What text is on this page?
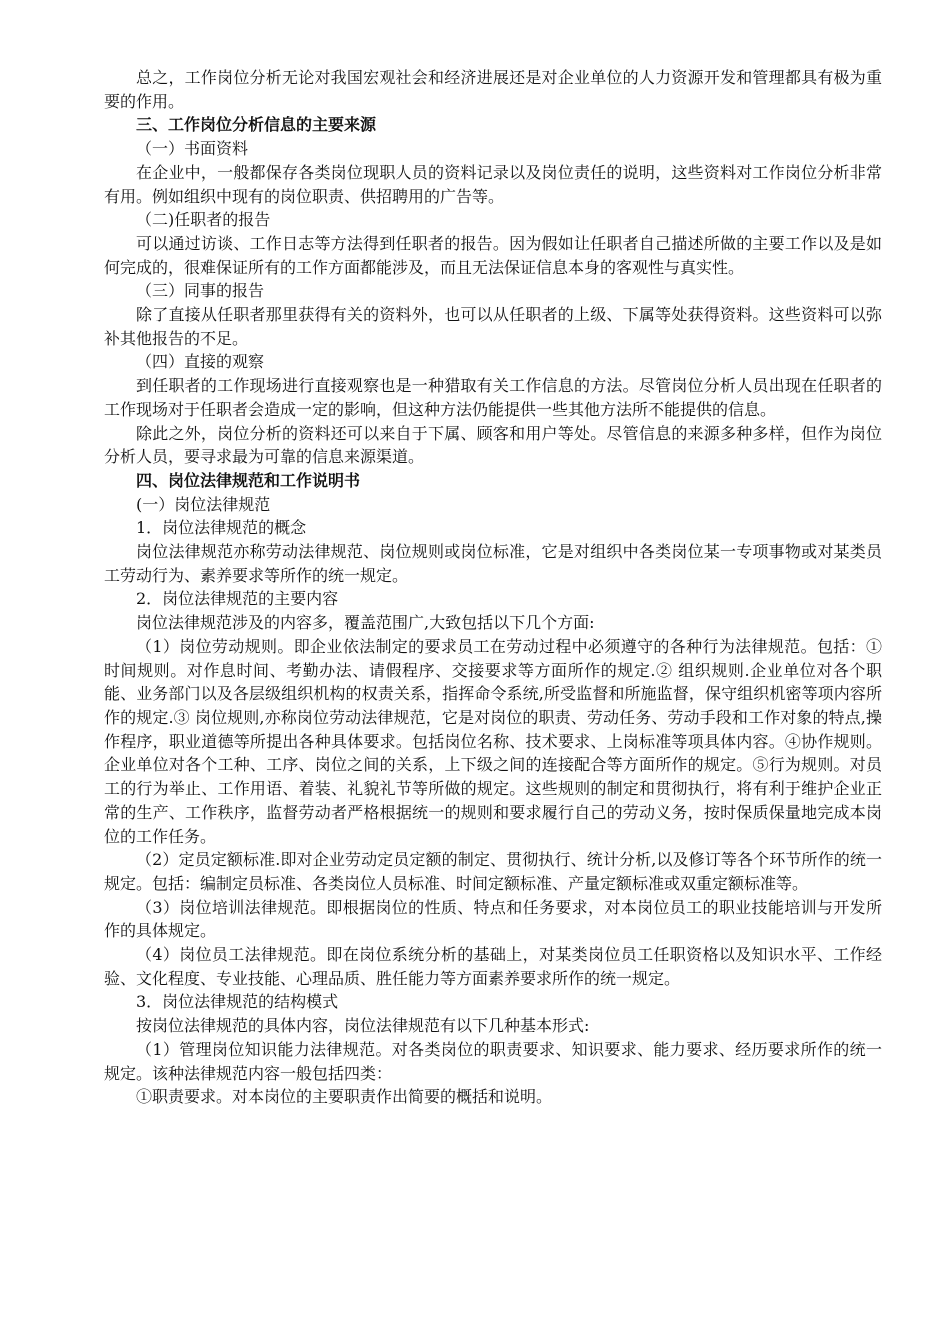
总之，工作岗位分析无论对我国宏观社会和经济进展还是对企业单位的人力资源开发和管理都具有极为重要的作用。

三、工作岗位分析信息的主要来源

（一）书面资料

在企业中，一般都保存各类岗位现职人员的资料记录以及岗位责任的说明，这些资料对工作岗位分析非常有用。例如组织中现有的岗位职责、供招聘用的广告等。

（二)任职者的报告

可以通过访谈、工作日志等方法得到任职者的报告。因为假如让任职者自己描述所做的主要工作以及是如何完成的，很难保证所有的工作方面都能涉及，而且无法保证信息本身的客观性与真实性。

（三）同事的报告

除了直接从任职者那里获得有关的资料外，也可以从任职者的上级、下属等处获得资料。这些资料可以弥补其他报告的不足。

（四）直接的观察

到任职者的工作现场进行直接观察也是一种猎取有关工作信息的方法。尽管岗位分析人员出现在任职者的工作现场对于任职者会造成一定的影响，但这种方法仍能提供一些其他方法所不能提供的信息。

除此之外，岗位分析的资料还可以来自于下属、顾客和用户等处。尽管信息的来源多种多样，但作为岗位分析人员，要寻求最为可靠的信息来源渠道。

四、岗位法律规范和工作说明书

(一）岗位法律规范

1．岗位法律规范的概念

岗位法律规范亦称劳动法律规范、岗位规则或岗位标准，它是对组织中各类岗位某一专项事物或对某类员工劳动行为、素养要求等所作的统一规定。

2．岗位法律规范的主要内容

岗位法律规范涉及的内容多，覆盖范围广,大致包括以下几个方面:

（1）岗位劳动规则。即企业依法制定的要求员工在劳动过程中必须遵守的各种行为法律规范。包括：①时间规则。对作息时间、考勤办法、请假程序、交接要求等方面所作的规定.② 组织规则.企业单位对各个职能、业务部门以及各层级组织机构的权责关系，指挥命令系统,所受监督和所施监督，保守组织机密等项内容所作的规定.③ 岗位规则,亦称岗位劳动法律规范，它是对岗位的职责、劳动任务、劳动手段和工作对象的特点,操作程序，职业道德等所提出各种具体要求。包括岗位名称、技术要求、上岗标准等项具体内容。④协作规则。企业单位对各个工种、工序、岗位之间的关系，上下级之间的连接配合等方面所作的规定。⑤行为规则。对员工的行为举止、工作用语、着装、礼貌礼节等所做的规定。这些规则的制定和贯彻执行，将有利于维护企业正常的生产、工作秩序，监督劳动者严格根据统一的规则和要求履行自己的劳动义务，按时保质保量地完成本岗位的工作任务。

（2）定员定额标准.即对企业劳动定员定额的制定、贯彻执行、统计分析,以及修订等各个环节所作的统一规定。包括：编制定员标准、各类岗位人员标准、时间定额标准、产量定额标准或双重定额标准等。

（3）岗位培训法律规范。即根据岗位的性质、特点和任务要求，对本岗位员工的职业技能培训与开发所作的具体规定。

（4）岗位员工法律规范。即在岗位系统分析的基础上，对某类岗位员工任职资格以及知识水平、工作经验、文化程度、专业技能、心理品质、胜任能力等方面素养要求所作的统一规定。

3．岗位法律规范的结构模式

按岗位法律规范的具体内容，岗位法律规范有以下几种基本形式:

（1）管理岗位知识能力法律规范。对各类岗位的职责要求、知识要求、能力要求、经历要求所作的统一规定。该种法律规范内容一般包括四类：

①职责要求。对本岗位的主要职责作出简要的概括和说明。
